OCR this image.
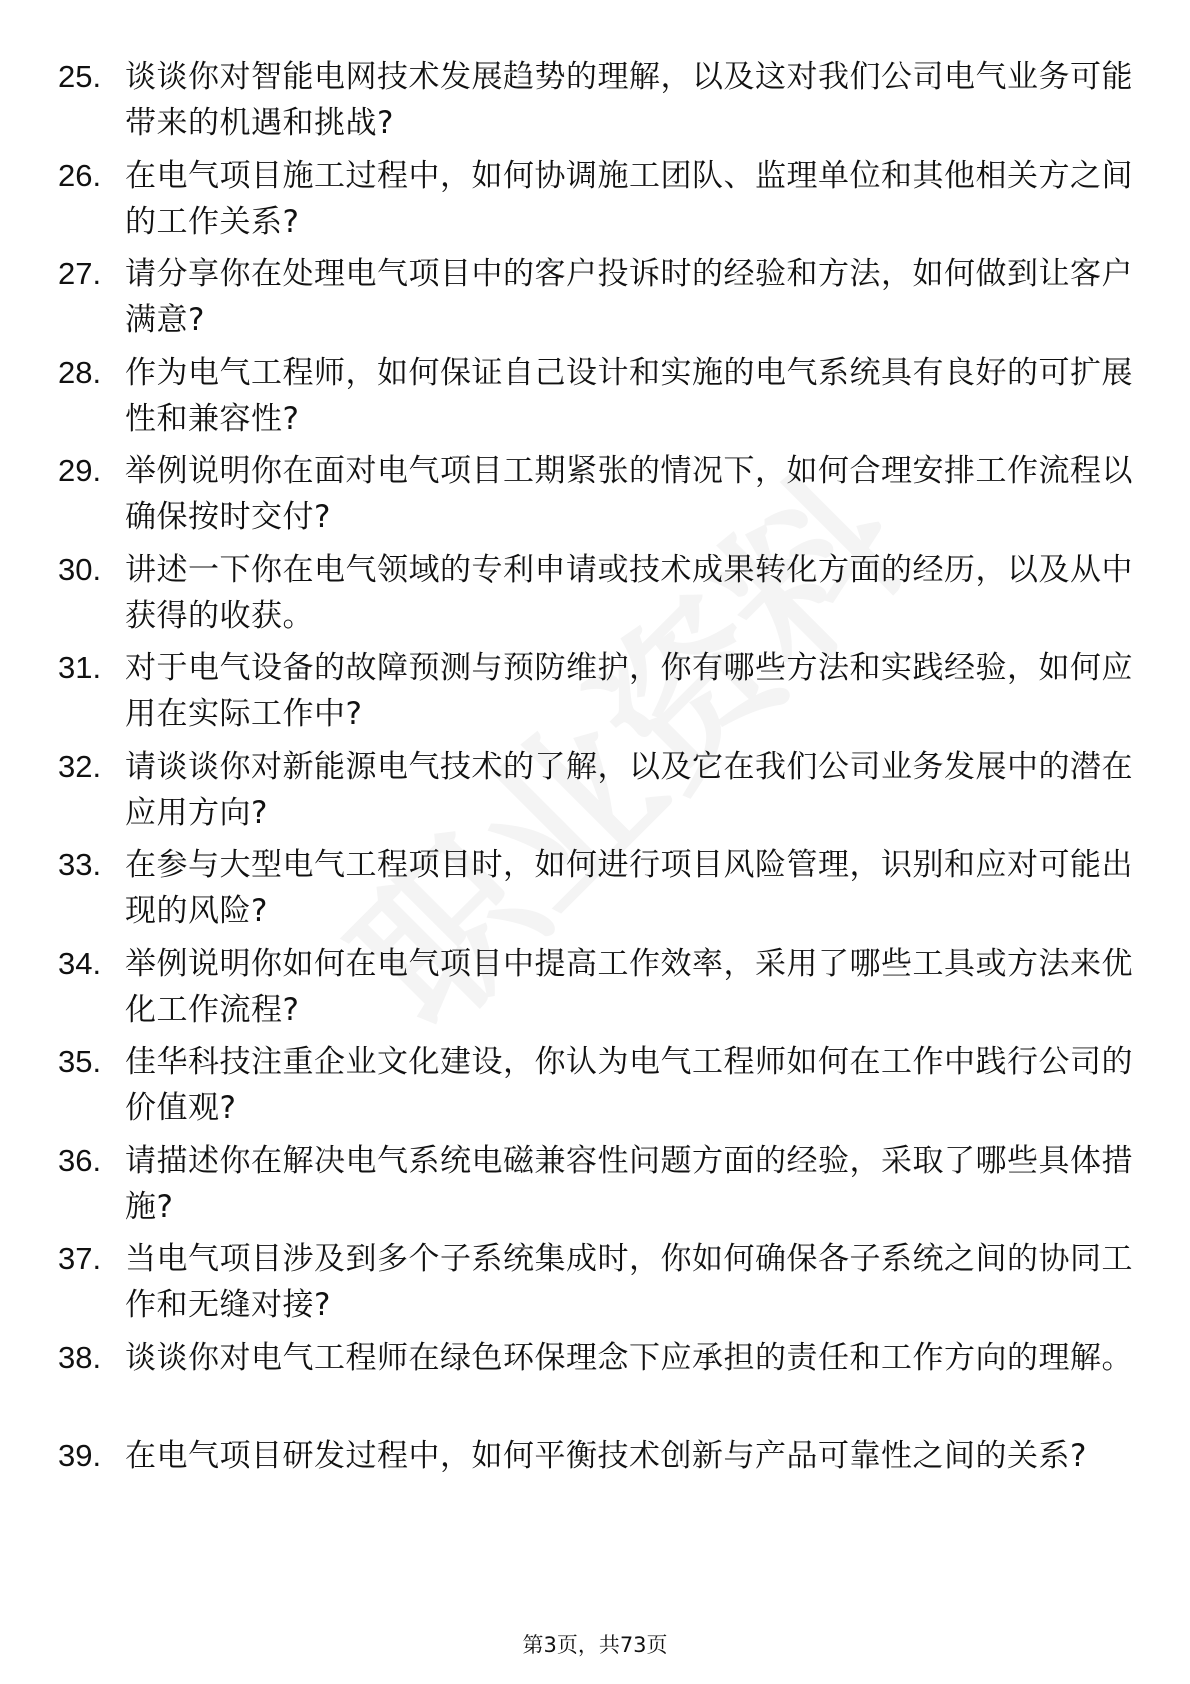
25. 谈谈你对智能电网技术发展趋势的理解，以及这对我们公司电气业务可能带来的机遇和挑战?
26. 在电气项目施工过程中，如何协调施工团队、监理单位和其他相关方之间的工作关系?
27. 请分享你在处理电气项目中的客户投诉时的经验和方法，如何做到让客户满意?
28. 作为电气工程师，如何保证自己设计和实施的电气系统具有良好的可扩展性和兼容性?
29. 举例说明你在面对电气项目工期紧张的情况下，如何合理安排工作流程以确保按时交付?
30. 讲述一下你在电气领域的专利申请或技术成果转化方面的经历，以及从中获得的收获。
31. 对于电气设备的故障预测与预防维护，你有哪些方法和实践经验，如何应用在实际工作中?
32. 请谈谈你对新能源电气技术的了解，以及它在我们公司业务发展中的潜在应用方向?
33. 在参与大型电气工程项目时，如何进行项目风险管理，识别和应对可能出现的风险?
34. 举例说明你如何在电气项目中提高工作效率，采用了哪些工具或方法来优化工作流程?
35. 佳华科技注重企业文化建设，你认为电气工程师如何在工作中践行公司的价值观?
36. 请描述你在解决电气系统电磁兼容性问题方面的经验，采取了哪些具体措施?
37. 当电气项目涉及到多个子系统集成时，你如何确保各子系统之间的协同工作和无缝对接?
38. 谈谈你对电气工程师在绿色环保理念下应承担的责任和工作方向的理解。
39. 在电气项目研发过程中，如何平衡技术创新与产品可靠性之间的关系?
第3页，共73页
